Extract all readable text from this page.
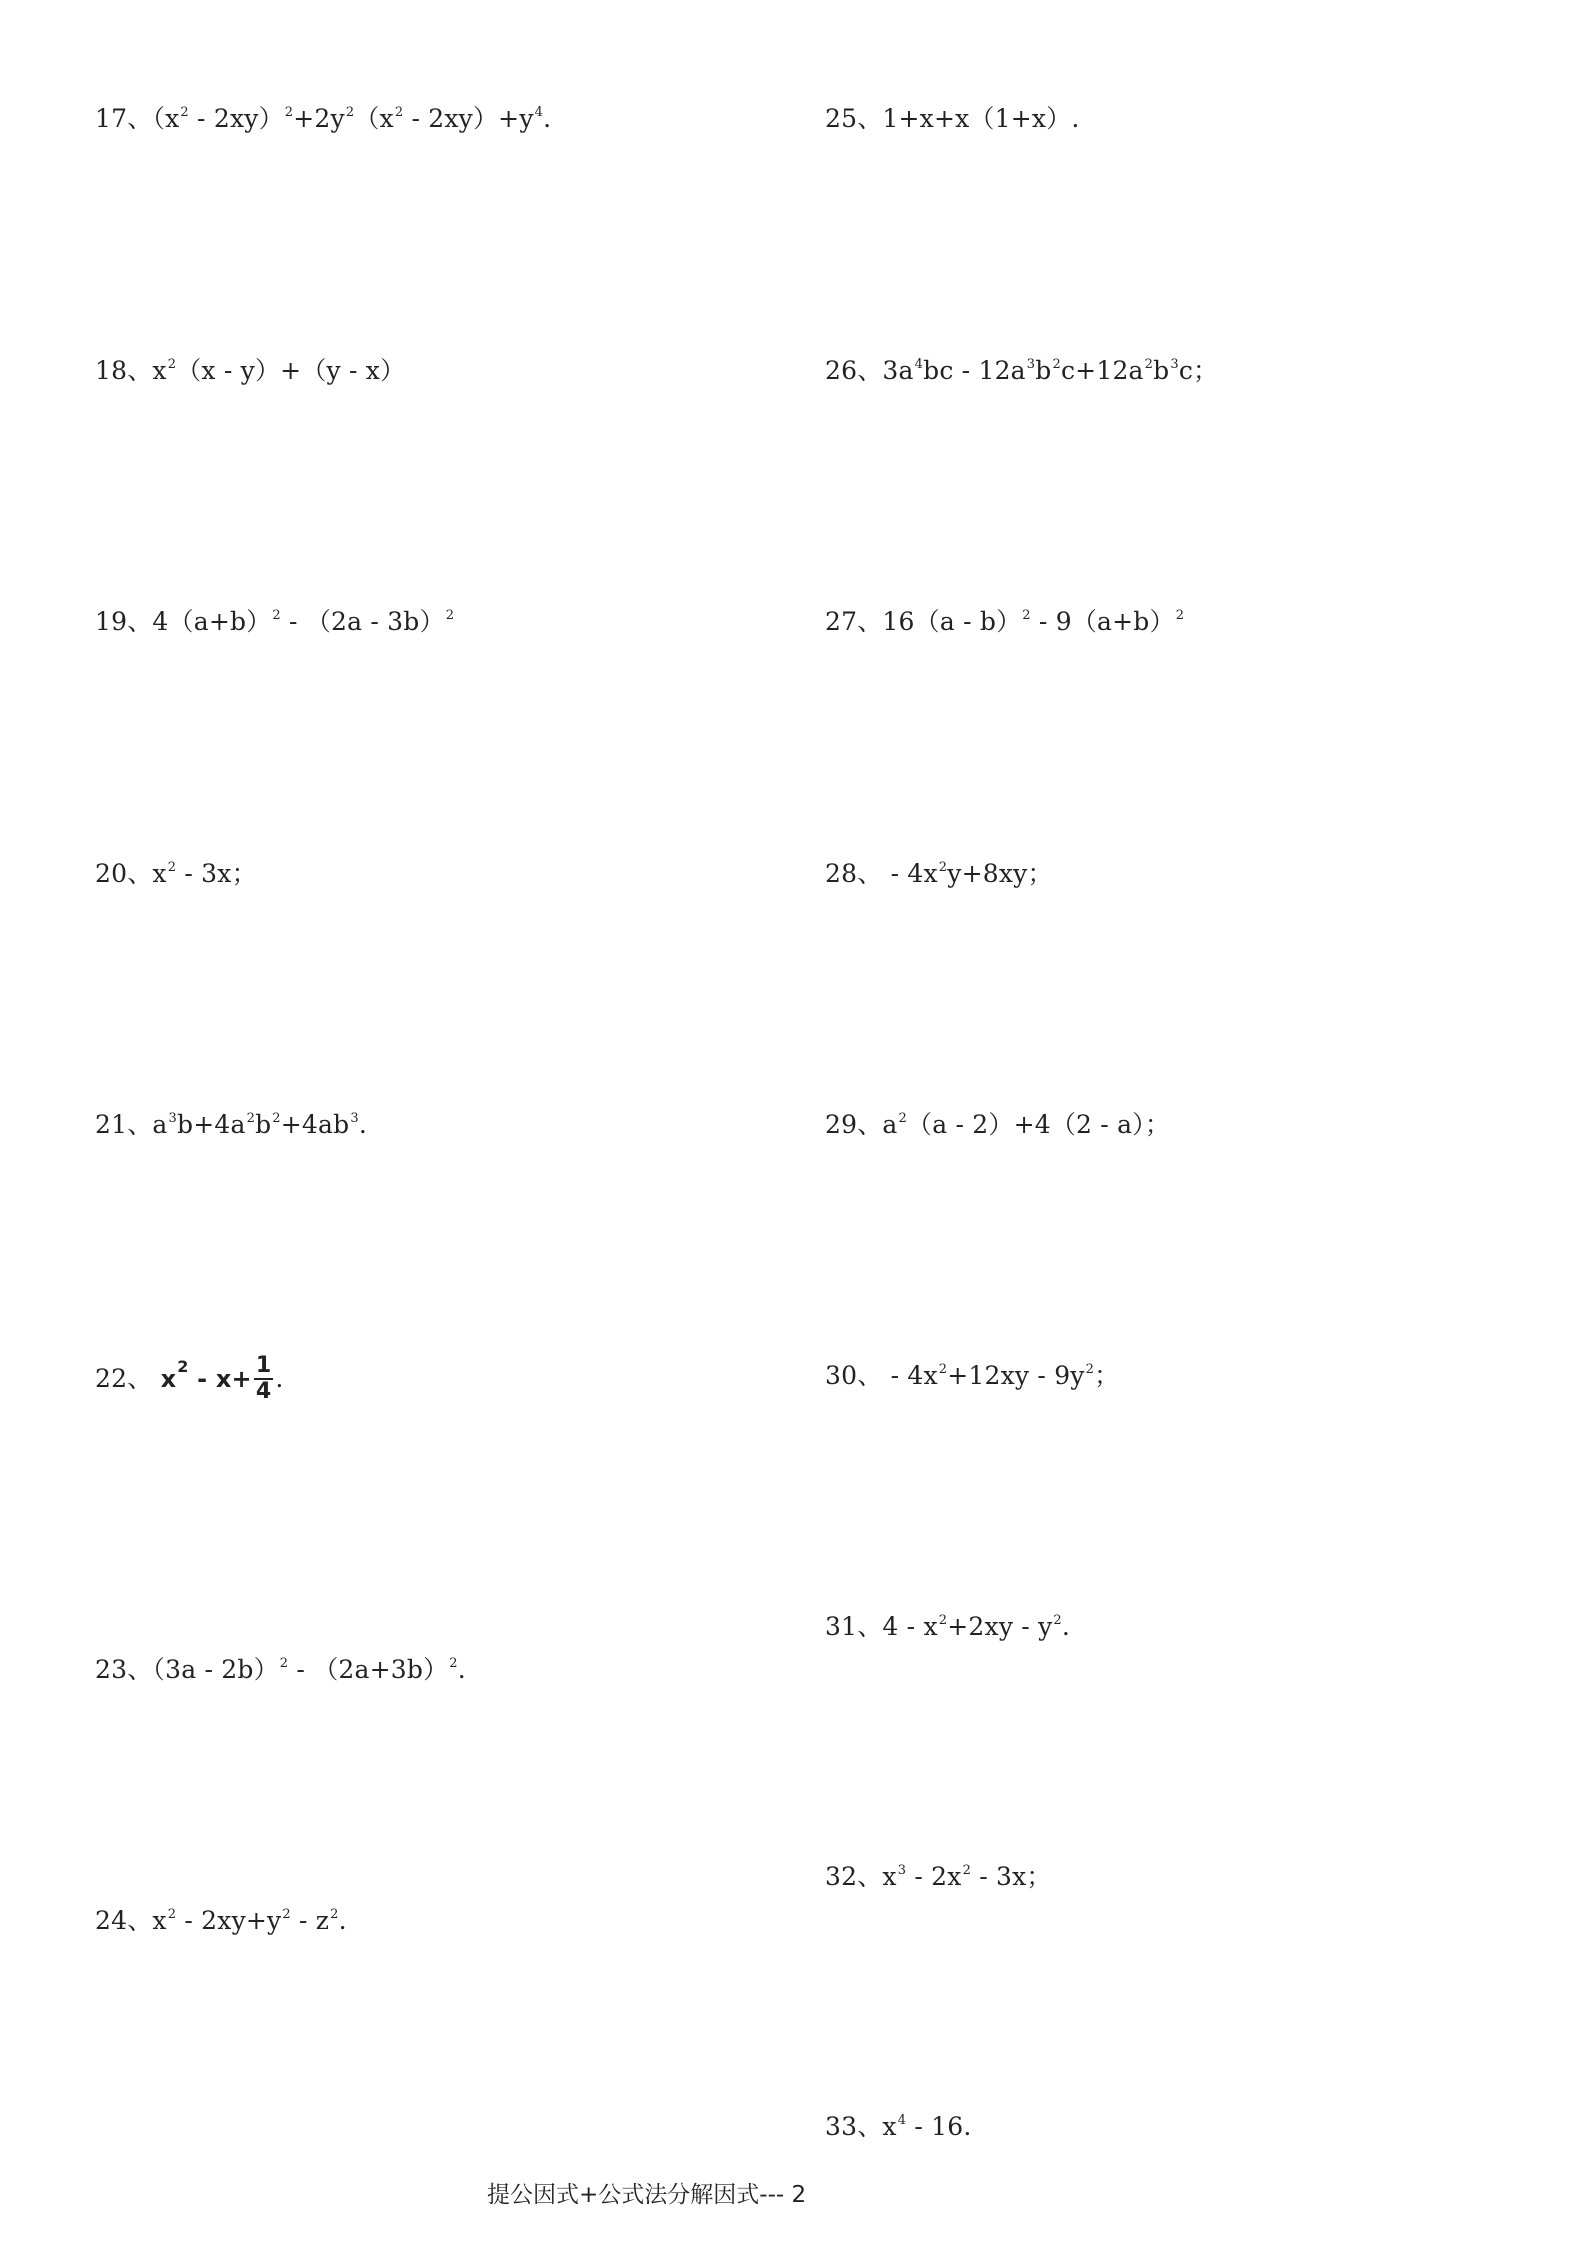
17、$(x^2 - 2xy)^2+2y^2(x^2 - 2xy)+y^4$.
18、$x^2(x - y)+(y - x)$
19、$4(a+b)^2 - (2a - 3b)^2$
20、$x^2 - 3x$；
21、$a^3b+4a^2b^2+4ab^3$.
22、 $x^2 - x+ \frac{1}{4}$ .
23、$(3a - 2b)^2 - (2a+3b)^2$.
24、$x^2 - 2xy+y^2 - z^2$.
25、1+x+x（1+x）.
26、$3a^4bc - 12a^3b^2c+12a^2b^3c$；
27、$16(a - b)^2 - 9(a+b)^2$
28、 - $4x^2y+8xy$；
29、$a^2(a - 2)+4(2 - a)$；
30、 - $4x^2+12xy - 9y^2$；
31、$4 - x^2+2xy - y^2$.
32、$x^3 - 2x^2 - 3x$；
33、$x^4 - 16$.
提公因式+公式法分解因式--- 2
